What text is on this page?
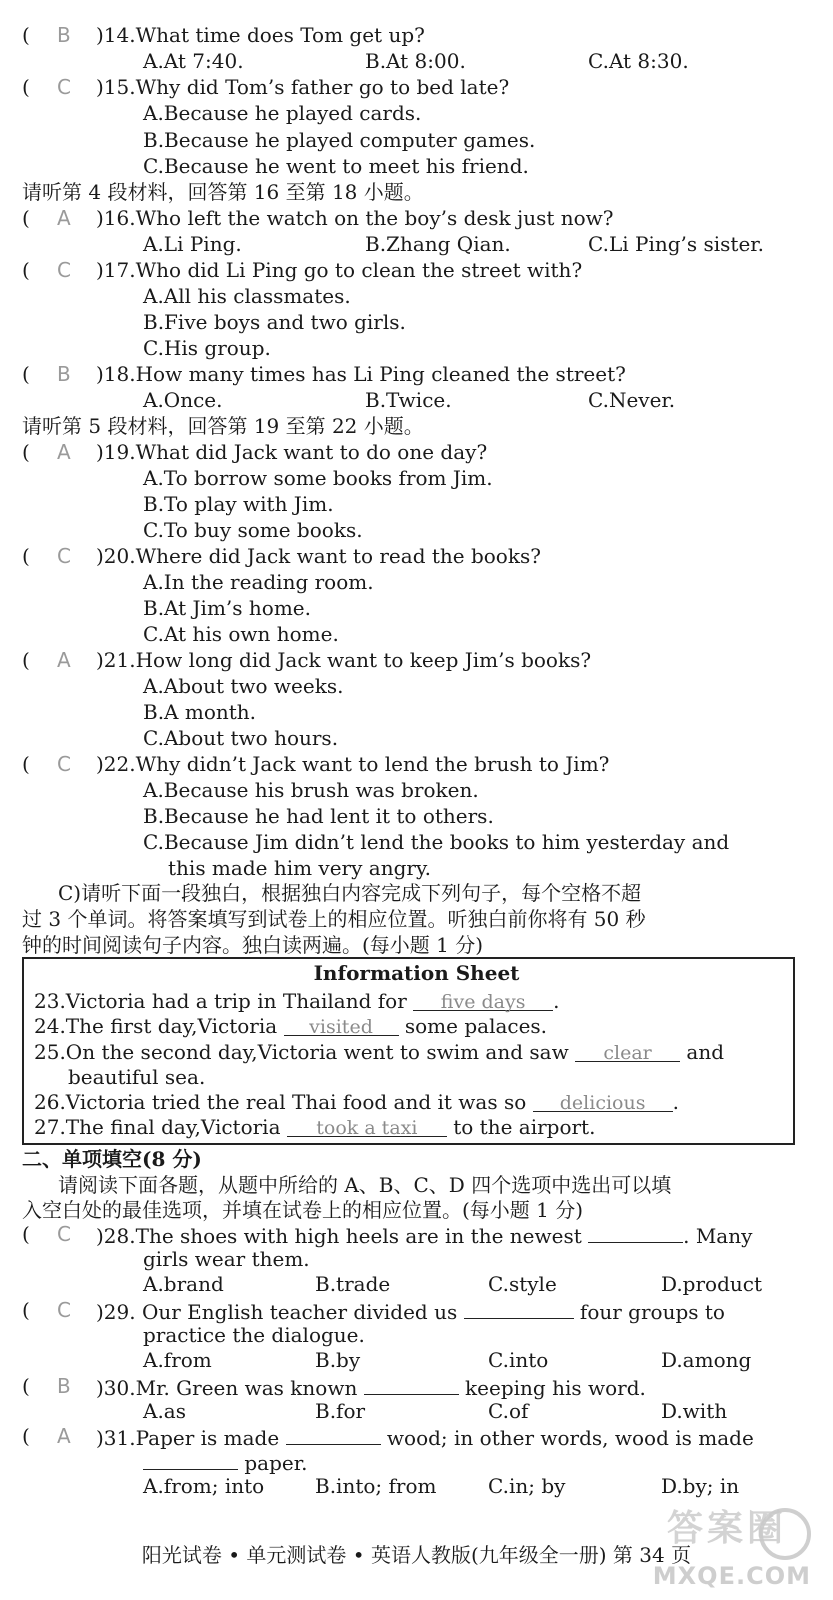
( B )14.What time does Tom get up?
A.At 7:40.	B.At 8:00.	C.At 8:30.
( C )15.Why did Tom’s father go to bed late?
A.Because he played cards.
B.Because he played computer games.
C.Because he went to meet his friend.
请听第 4 段材料，回答第 16 至第 18 小题。
( A )16.Who left the watch on the boy’s desk just now?
A.Li Ping.	B.Zhang Qian.	C.Li Ping’s sister.
( C )17.Who did Li Ping go to clean the street with?
A.All his classmates.
B.Five boys and two girls.
C.His group.
( B )18.How many times has Li Ping cleaned the street?
A.Once.	B.Twice.	C.Never.
请听第 5 段材料，回答第 19 至第 22 小题。
( A )19.What did Jack want to do one day?
A.To borrow some books from Jim.
B.To play with Jim.
C.To buy some books.
( C )20.Where did Jack want to read the books?
A.In the reading room.
B.At Jim’s home.
C.At his own home.
( A )21.How long did Jack want to keep Jim’s books?
A.About two weeks.
B.A month.
C.About two hours.
( C )22.Why didn’t Jack want to lend the brush to Jim?
A.Because his brush was broken.
B.Because he had lent it to others.
C.Because Jim didn’t lend the books to him yesterday and
this made him very angry.
C)请听下面一段独白，根据独白内容完成下列句子，每个空格不超
过 3 个单词。将答案填写到试卷上的相应位置。听独白前你将有 50 秒
钟的时间阅读句子内容。独白读两遍。(每小题 1 分)
Information Sheet
23.Victoria had a trip in Thailand for five days .
24.The first day,Victoria visited some palaces.
25.On the second day,Victoria went to swim and saw clear and
beautiful sea.
26.Victoria tried the real Thai food and it was so delicious .
27.The final day,Victoria took a taxi to the airport.
二、单项填空(8 分)
请阅读下面各题，从题中所给的 A、B、C、D 四个选项中选出可以填
入空白处的最佳选项，并填在试卷上的相应位置。(每小题 1 分)
( C )28.The shoes with high heels are in the newest	. Many
girls wear them.
A.brand	B.trade	C.style	D.product
( C )29. Our English teacher divided us	four groups to
practice the dialogue.
A.from	B.by	C.into	D.among
( B )30.Mr. Green was known	keeping his word.
A.as	B.for	C.of	D.with
( A )31.Paper is made	wood; in other words, wood is made
paper.
A.from; into	B.into; from	C.in; by	D.by; in
阳光试卷 • 单元测试卷 • 英语人教版(九年级全一册) 第 34 页
答案圈
MXQE.COM
